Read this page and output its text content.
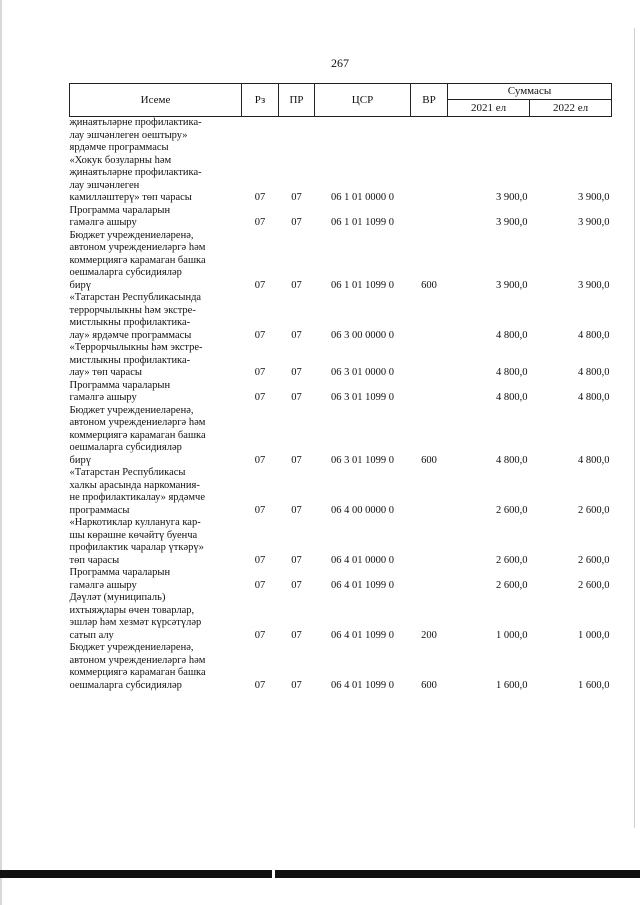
267
Исеме	Рз	ПР	ЦСР	ВР	Суммасы	
					2021 ел	2022 ел
җинаятьләрне профилактика-
лау эшчәнлеген оештыру»
ярдәмче программасы						
«Хокук бозуларны һәм
җинаятьләрне профилактика-
лау эшчәнлеген
камилләштерү» төп чарасы	07	07	06 1 01 0000 0		3 900,0	3 900,0
Программа чараларын
гамәлгә ашыру	07	07	06 1 01 1099 0		3 900,0	3 900,0
Бюджет учреждениеләренә,
автоном учреждениеләргә һәм
коммерциягә карамаган башка
оешмаларга субсидияләр
бирү	07	07	06 1 01 1099 0	600	3 900,0	3 900,0
«Татарстан Республикасында
террорчылыкны һәм экстре-
мистлыкны профилактика-
лау» ярдәмче программасы	07	07	06 3 00 0000 0		4 800,0	4 800,0
«Террорчылыкны һәм экстре-
мистлыкны профилактика-
лау» төп чарасы	07	07	06 3 01 0000 0		4 800,0	4 800,0
Программа чараларын
гамәлгә ашыру	07	07	06 3 01 1099 0		4 800,0	4 800,0
Бюджет учреждениеләренә,
автоном учреждениеләргә һәм
коммерциягә карамаган башка
оешмаларга субсидияләр
бирү	07	07	06 3 01 1099 0	600	4 800,0	4 800,0
«Татарстан Республикасы
халкы арасында наркомания-
не профилактикалау» ярдәмче
программасы	07	07	06 4 00 0000 0		2 600,0	2 600,0
«Наркотиклар кулланугa кар-
шы көрәшне көчәйтү буенча
профилактик чаралар үткәрү»
төп чарасы	07	07	06 4 01 0000 0		2 600,0	2 600,0
Программа чараларын
гамәлгә ашыру	07	07	06 4 01 1099 0		2 600,0	2 600,0
Дәүләт (муниципаль)
ихтыяҗлары өчен товарлар,
эшләр һәм хезмәт күрсәтүләр
сатып алу	07	07	06 4 01 1099 0	200	1 000,0	1 000,0
Бюджет учреждениеләренә,
автоном учреждениеләргә һәм
коммерциягә карамаган башка
оешмаларга субсидияләр	07	07	06 4 01 1099 0	600	1 600,0	1 600,0
